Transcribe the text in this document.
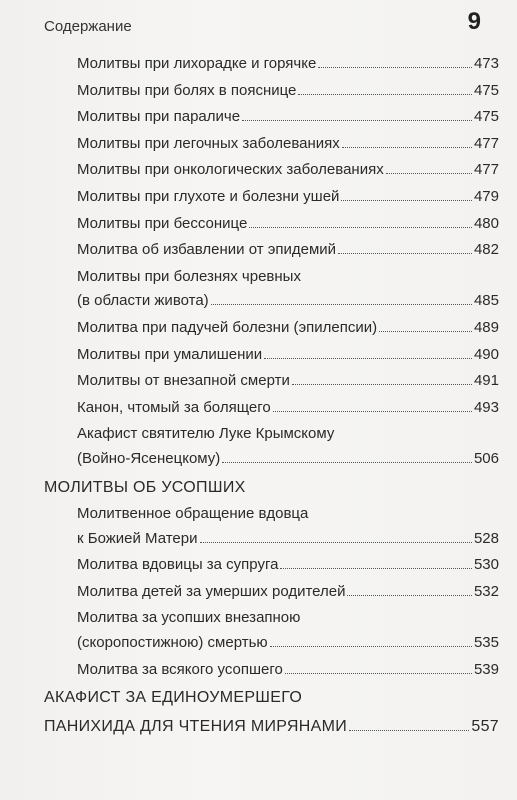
Содержание	9
Молитвы при лихорадке и горячке	473
Молитвы при болях в пояснице	475
Молитвы при параличе	475
Молитвы при легочных заболеваниях	477
Молитвы при онкологических заболеваниях	477
Молитвы при глухоте и болезни ушей	479
Молитвы при бессонице	480
Молитва об избавлении от эпидемий	482
Молитвы при болезнях чревных
(в области живота)	485
Молитва при падучей болезни (эпилепсии)	489
Молитвы при умалишении	490
Молитвы от внезапной смерти	491
Канон, чтомый за болящего	493
Акафист святителю Луке Крымскому
(Войно-Ясенецкому)	506
МОЛИТВЫ ОБ УСОПШИХ
Молитвенное обращение вдовца
к Божией Матери	528
Молитва вдовицы за супруга	530
Молитва детей за умерших родителей	532
Молитва за усопших внезапною
(скоропостижною) смертью	535
Молитва за всякого усопшего	539
АКАФИСТ ЗА ЕДИНОУМЕРШЕГО
ПАНИХИДА ДЛЯ ЧТЕНИЯ МИРЯНАМИ	557
